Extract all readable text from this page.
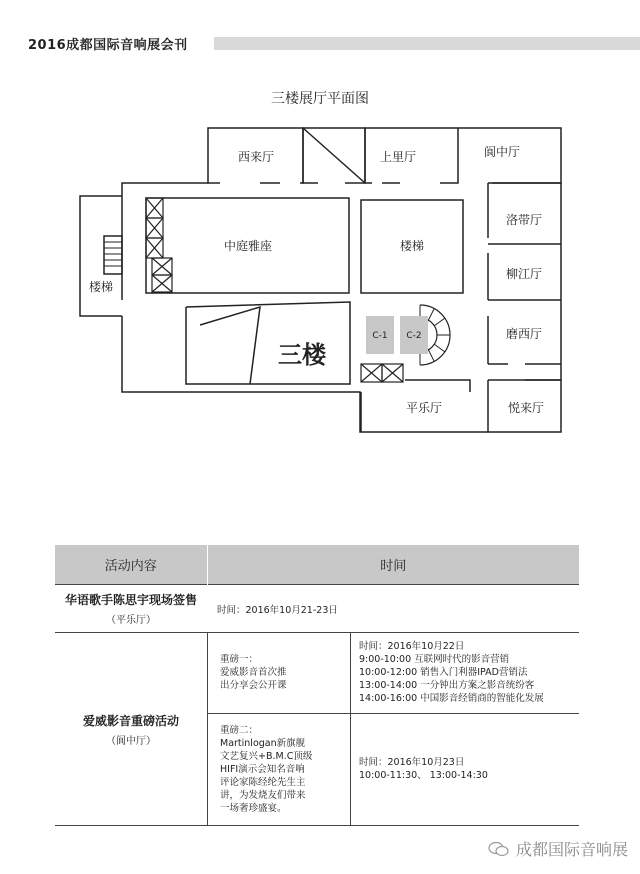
2016成都国际音响展会刊
三楼展厅平面图
西来厅	上里厅	阆中厅
洛带厅
柳江厅
磨西厅
悦来厅
平乐厅
中庭雅座	楼梯
楼梯
C-1 C-2
三楼
活动内容	时间

华语歌手陈思宇现场签售
（平乐厅）
	时间：2016年10月21-23日

爱威影音重磅活动
（阆中厅）

重磅一：
爱威影音首次推
出分享会公开课

时间：2016年10月22日
9:00-10:00 互联网时代的影音营销
10:00-12:00 销售入门利器IPAD营销法
13:00-14:00 一分钟出方案之影音统纷客
14:00-16:00 中国影音经销商的智能化发展

重磅二：
Martinlogan新旗舰
文艺复兴+B.M.C顶级
HIFI演示会知名音响
评论家陈经纶先生主
讲，为发烧友们带来
一场奢珍盛宴。

时间：2016年10月23日
10:00-11:30、 13:00-14:30
成都国际音响展
